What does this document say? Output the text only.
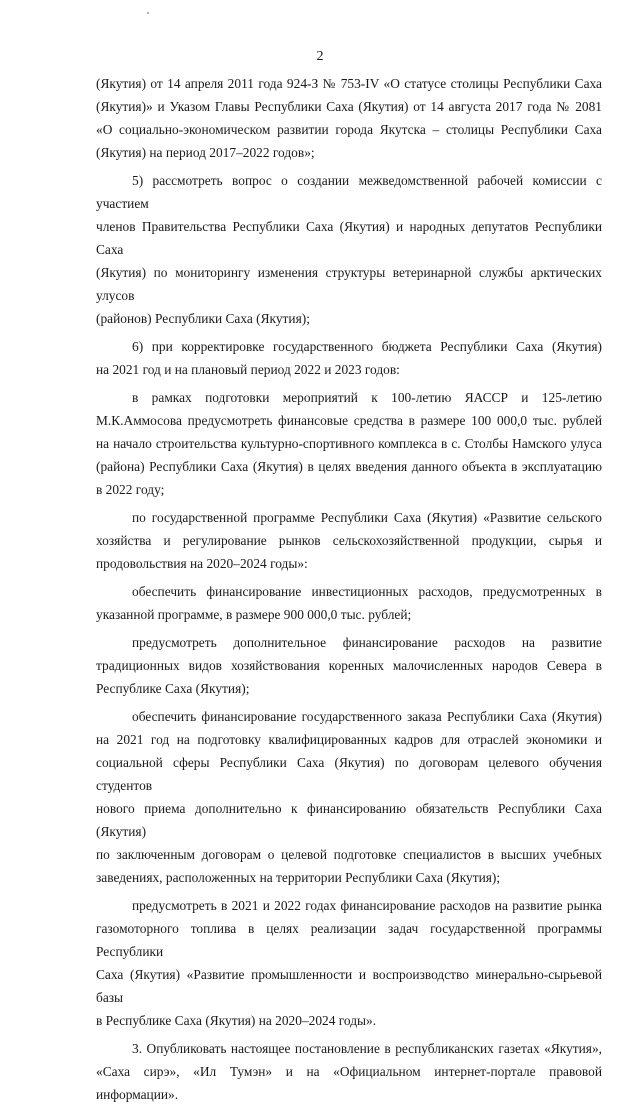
2

(Якутия) от 14 апреля 2011 года 924-З № 753-IV «О статусе столицы Республики Саха

(Якутия)» и Указом Главы Республики Саха (Якутия) от 14 августа 2017 года № 2081

«О социально-экономическом развитии города Якутска – столицы Республики Саха

(Якутия) на период 2017–2022 годов»;

5) рассмотреть вопрос о создании межведомственной рабочей комиссии с участием

членов Правительства Республики Саха (Якутия) и народных депутатов Республики Саха

(Якутия) по мониторингу изменения структуры ветеринарной службы арктических улусов

(районов) Республики Саха (Якутия);

6) при корректировке государственного бюджета Республики Саха (Якутия)

на 2021 год и на плановый период 2022 и 2023 годов:

в рамках подготовки мероприятий к 100-летию ЯАССР и 125-летию

М.К.Аммосова предусмотреть финансовые средства в размере 100 000,0 тыс. рублей

на начало строительства культурно-спортивного комплекса в с. Столбы Намского улуса

(района) Республики Саха (Якутия) в целях введения данного объекта в эксплуатацию

в 2022 году;

по государственной программе Республики Саха (Якутия) «Развитие сельского

хозяйства и регулирование рынков сельскохозяйственной продукции, сырья и

продовольствия на 2020–2024 годы»:

обеспечить финансирование инвестиционных расходов, предусмотренных в

указанной программе, в размере 900 000,0 тыс. рублей;

предусмотреть дополнительное финансирование расходов на развитие

традиционных видов хозяйствования коренных малочисленных народов Севера в

Республике Саха (Якутия);

обеспечить финансирование государственного заказа Республики Саха (Якутия)

на 2021 год на подготовку квалифицированных кадров для отраслей экономики и

социальной сферы Республики Саха (Якутия) по договорам целевого обучения студентов

нового приема дополнительно к финансированию обязательств Республики Саха (Якутия)

по заключенным договорам о целевой подготовке специалистов в высших учебных

заведениях, расположенных на территории Республики Саха (Якутия);

предусмотреть в 2021 и 2022 годах финансирование расходов на развитие рынка

газомоторного топлива в целях реализации задач государственной программы Республики

Саха (Якутия) «Развитие промышленности и воспроизводство минерально-сырьевой базы

в Республике Саха (Якутия) на 2020–2024 годы».

3. Опубликовать настоящее постановление в республиканских газетах «Якутия»,

«Саха сирэ», «Ил Тумэн» и на «Официальном интернет-портале правовой информации».
